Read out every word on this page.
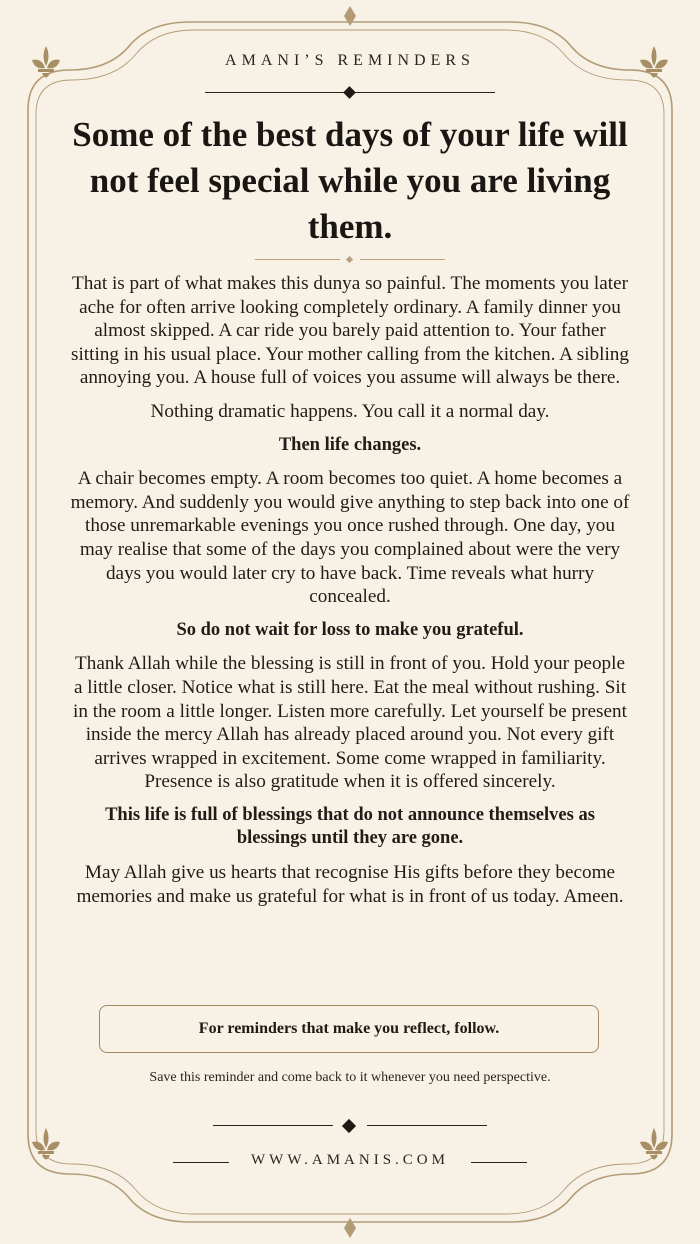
AMANI’S REMINDERS
Some of the best days of your life will not feel special while you are living them.

That is part of what makes this dunya so painful. The moments you later ache for often arrive looking completely ordinary. A family dinner you almost skipped. A car ride you barely paid attention to. Your father sitting in his usual place. Your mother calling from the kitchen. A sibling annoying you. A house full of voices you assume will always be there.

Nothing dramatic happens. You call it a normal day.

Then life changes.

A chair becomes empty. A room becomes too quiet. A home becomes a memory. And suddenly you would give anything to step back into one of those unremarkable evenings you once rushed through. One day, you may realise that some of the days you complained about were the very days you would later cry to have back. Time reveals what hurry concealed.

So do not wait for loss to make you grateful.

Thank Allah while the blessing is still in front of you. Hold your people a little closer. Notice what is still here. Eat the meal without rushing. Sit in the room a little longer. Listen more carefully. Let yourself be present inside the mercy Allah has already placed around you. Not every gift arrives wrapped in excitement. Some come wrapped in familiarity. Presence is also gratitude when it is offered sincerely.

This life is full of blessings that do not announce themselves as blessings until they are gone.

May Allah give us hearts that recognise His gifts before they become memories and make us grateful for what is in front of us today. Ameen.

For reminders that make you reflect, follow.
Save this reminder and come back to it whenever you need perspective.
WWW.AMANIS.COM
